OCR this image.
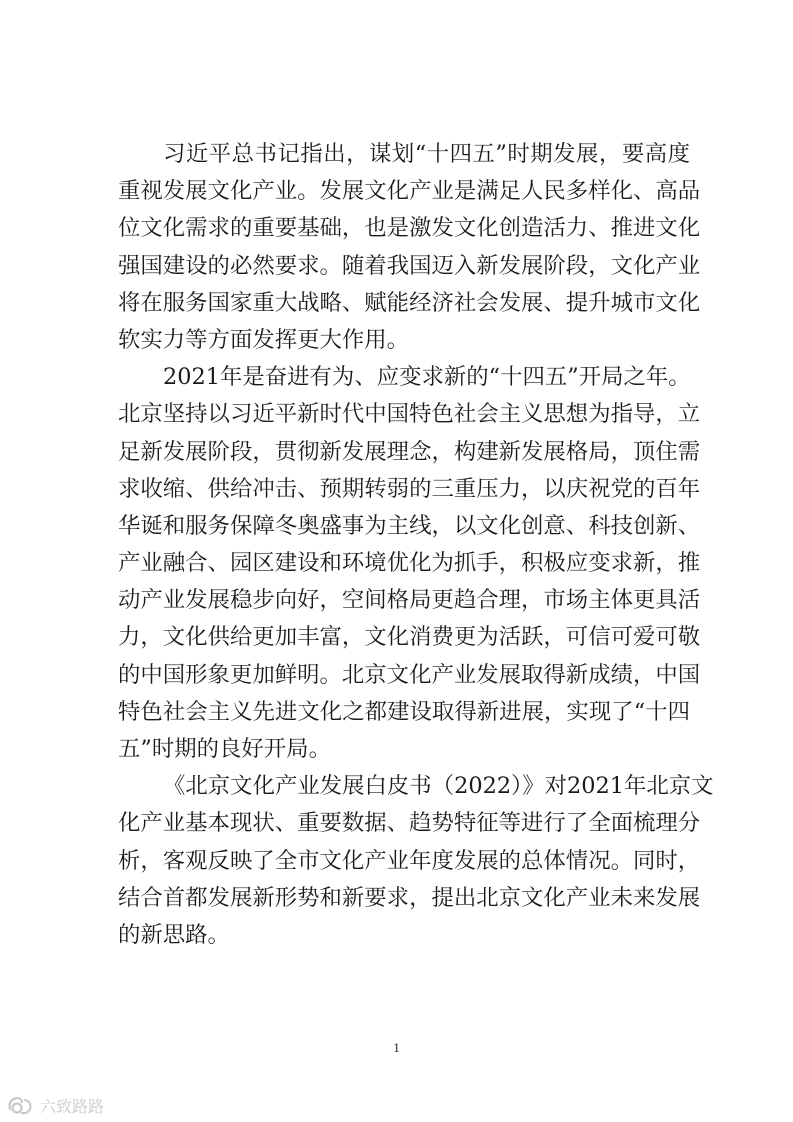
习近平总书记指出，谋划“十四五”时期发展，要高度
重视发展文化产业。发展文化产业是满足人民多样化、高品
位文化需求的重要基础，也是激发文化创造活力、推进文化
强国建设的必然要求。随着我国迈入新发展阶段，文化产业
将在服务国家重大战略、赋能经济社会发展、提升城市文化
软实力等方面发挥更大作用。
2021年是奋进有为、应变求新的“十四五”开局之年。
北京坚持以习近平新时代中国特色社会主义思想为指导，立
足新发展阶段，贯彻新发展理念，构建新发展格局，顶住需
求收缩、供给冲击、预期转弱的三重压力，以庆祝党的百年
华诞和服务保障冬奥盛事为主线，以文化创意、科技创新、
产业融合、园区建设和环境优化为抓手，积极应变求新，推
动产业发展稳步向好，空间格局更趋合理，市场主体更具活
力，文化供给更加丰富，文化消费更为活跃，可信可爱可敬
的中国形象更加鲜明。北京文化产业发展取得新成绩，中国
特色社会主义先进文化之都建设取得新进展，实现了“十四
五”时期的良好开局。
《北京文化产业发展白皮书（2022）》对2021年北京文
化产业基本现状、重要数据、趋势特征等进行了全面梳理分
析，客观反映了全市文化产业年度发展的总体情况。同时，
结合首都发展新形势和新要求，提出北京文化产业未来发展
的新思路。
1
六致路路
